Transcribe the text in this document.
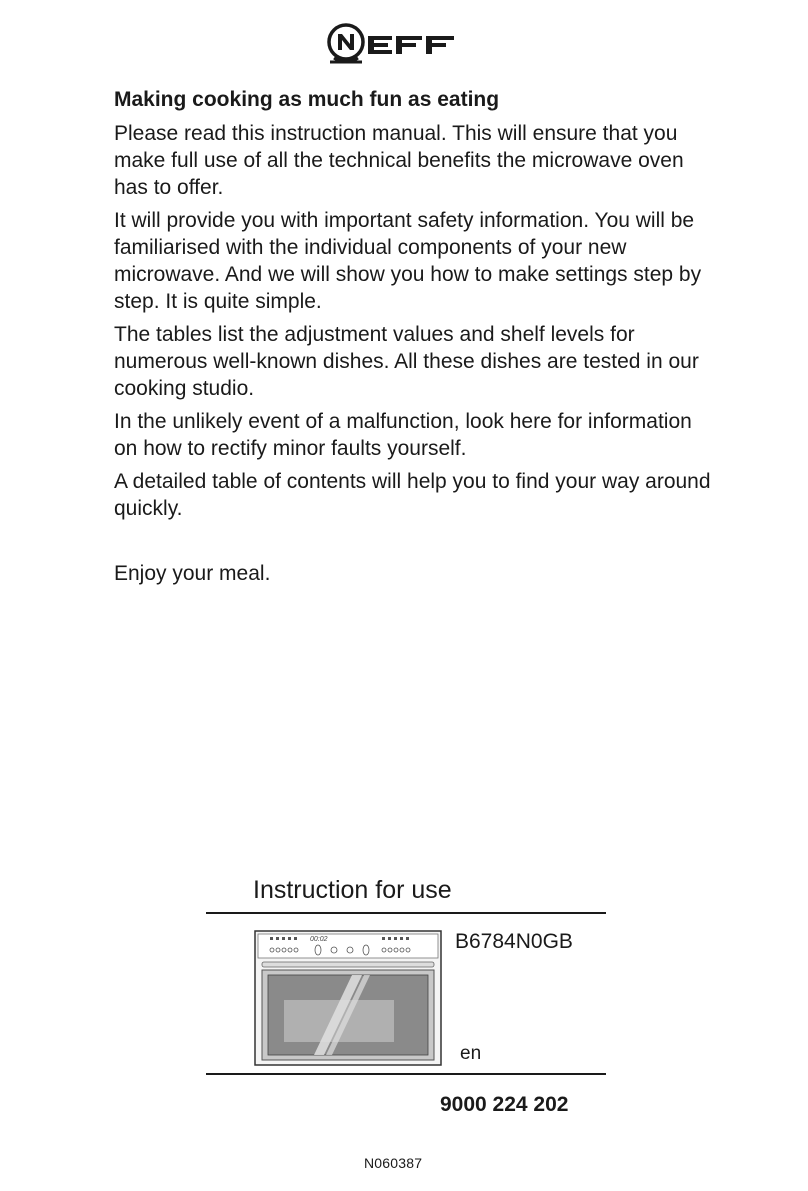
NEFF
Making cooking as much fun as eating

Please read this instruction manual. This will ensure that you make full use of all the technical benefits the microwave oven has to offer.

It will provide you with important safety information. You will be familiarised with the individual components of your new microwave. And we will show you how to make settings step by step. It is quite simple.

The tables list the adjustment values and shelf levels for numerous well-known dishes. All these dishes are tested in our cooking studio.

In the unlikely event of a malfunction, look here for information on how to rectify minor faults yourself.

A detailed table of contents will help you to find your way around quickly.

Enjoy your meal.

Instruction for use
00:02	B6784N0GB

en

9000 224 202

N060387
